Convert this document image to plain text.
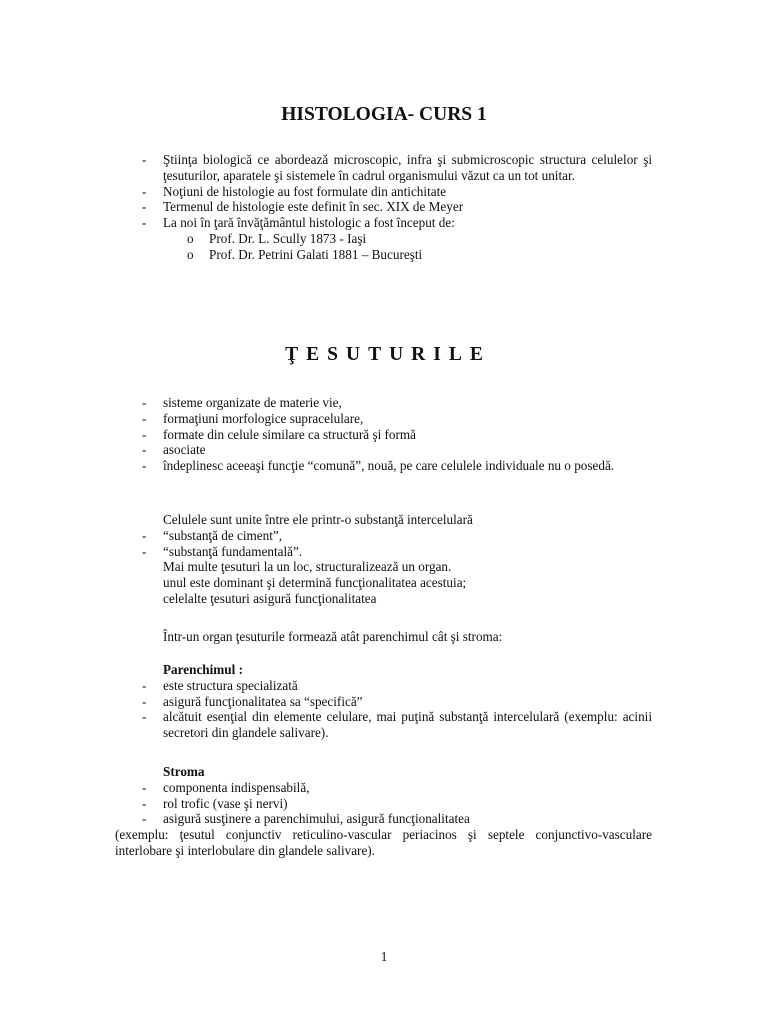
HISTOLOGIA- CURS 1
- Ştiinţa biologică ce abordează microscopic, infra şi submicroscopic structura celulelor şi ţesuturilor, aparatele şi sistemele în cadrul organismului văzut ca un tot unitar.
- Noţiuni de histologie au fost formulate din antichitate
- Termenul de histologie este definit în sec. XIX de Meyer
- La noi în ţară învăţământul histologic a fost început de:
o Prof. Dr. L. Scully 1873 - Iaşi
o Prof. Dr. Petrini Galati 1881 – Bucureşti
ŢESUTURILE
- sisteme organizate de materie vie,
- formaţiuni morfologice supracelulare,
- formate din celule similare ca structură şi formă
- asociate
- îndeplinesc aceeaşi funcţie “comună”, nouă, pe care celulele individuale nu o posedă.
Celulele sunt unite între ele printr-o substanţă intercelulară
- “substanţă de ciment”,
- “substanţă fundamentală”.
Mai multe ţesuturi la un loc, structuralizează un organ.
unul este dominant şi determină funcţionalitatea acestuia;
celelalte ţesuturi asigură funcţionalitatea
Într-un organ ţesuturile formează atât parenchimul cât şi stroma:
Parenchimul :
- este structura specializată
- asigură funcţionalitatea sa “specifică”
- alcătuit esenţial din elemente celulare, mai puţină substanţă intercelulară (exemplu: acinii secretori din glandele salivare).
Stroma
- componenta indispensabilă,
- rol trofic (vase şi nervi)
- asigură susţinere a parenchimului, asigură funcţionalitatea
(exemplu: ţesutul conjunctiv reticulino-vascular periacinos şi septele conjunctivo-vasculare interlobare şi interlobulare din glandele salivare).
1
